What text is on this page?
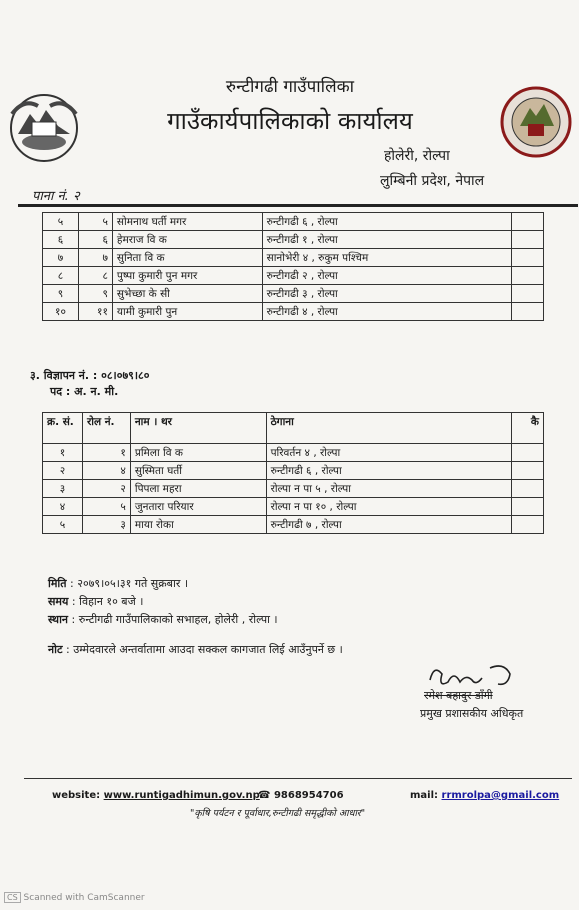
रुन्टीगढी गाउँपालिका
गाउँकार्यपालिकाको कार्यालय
होलेरी, रोल्पा
लुम्बिनी प्रदेश, नेपाल
पाना नं. २
५	५	सोमनाथ घर्ती मगर	रुन्टीगढी ६ , रोल्पा	
६	६	हेमराज वि क	रुन्टीगढी १ , रोल्पा	
७	७	सुनिता वि क	सानोभेरी ४ , रुकुम पश्चिम	
८	८	पुष्पा कुमारी पुन मगर	रुन्टीगढी २ , रोल्पा	
९	९	सुभेच्छा के सी	रुन्टीगढी ३ , रोल्पा	
१०	११	यामी कुमारी पुन	रुन्टीगढी ४ , रोल्पा	
३. विज्ञापन नं. : ०८।०७९।८०
पद : अ. न. मी.
क्र. सं.	रोल नं.	नाम । थर	ठेगाना	कै
१	१	प्रमिला वि क	परिवर्तन ४ , रोल्पा	
२	४	सुस्मिता घर्ती	रुन्टीगढी ६ , रोल्पा	
३	२	पिपला महरा	रोल्पा न पा ५ , रोल्पा	
४	५	जुनतारा परियार	रोल्पा न पा १० , रोल्पा	
५	३	माया रोका	रुन्टीगढी ७ , रोल्पा	
मिति : २०७९।०५।३१ गते सुक्रबार ।
समय : विहान १० बजे ।
स्थान : रुन्टीगढी गाउँपालिकाको सभाहल, होलेरी , रोल्पा ।
नोट : उम्मेदवारले अन्तर्वातामा आउदा सक्कल कागजात लिई आउँनुपर्ने छ ।
रमेश बहादुर डाँगी
प्रमुख प्रशासकीय अधिकृत
website: www.runtigadhimun.gov.np
☎ 9868954706	mail: rrmrolpa@gmail.com
"कृषि पर्यटन र पूर्वाधार,रुन्टीगढी समृद्धीको आधार"
CS Scanned with CamScanner
